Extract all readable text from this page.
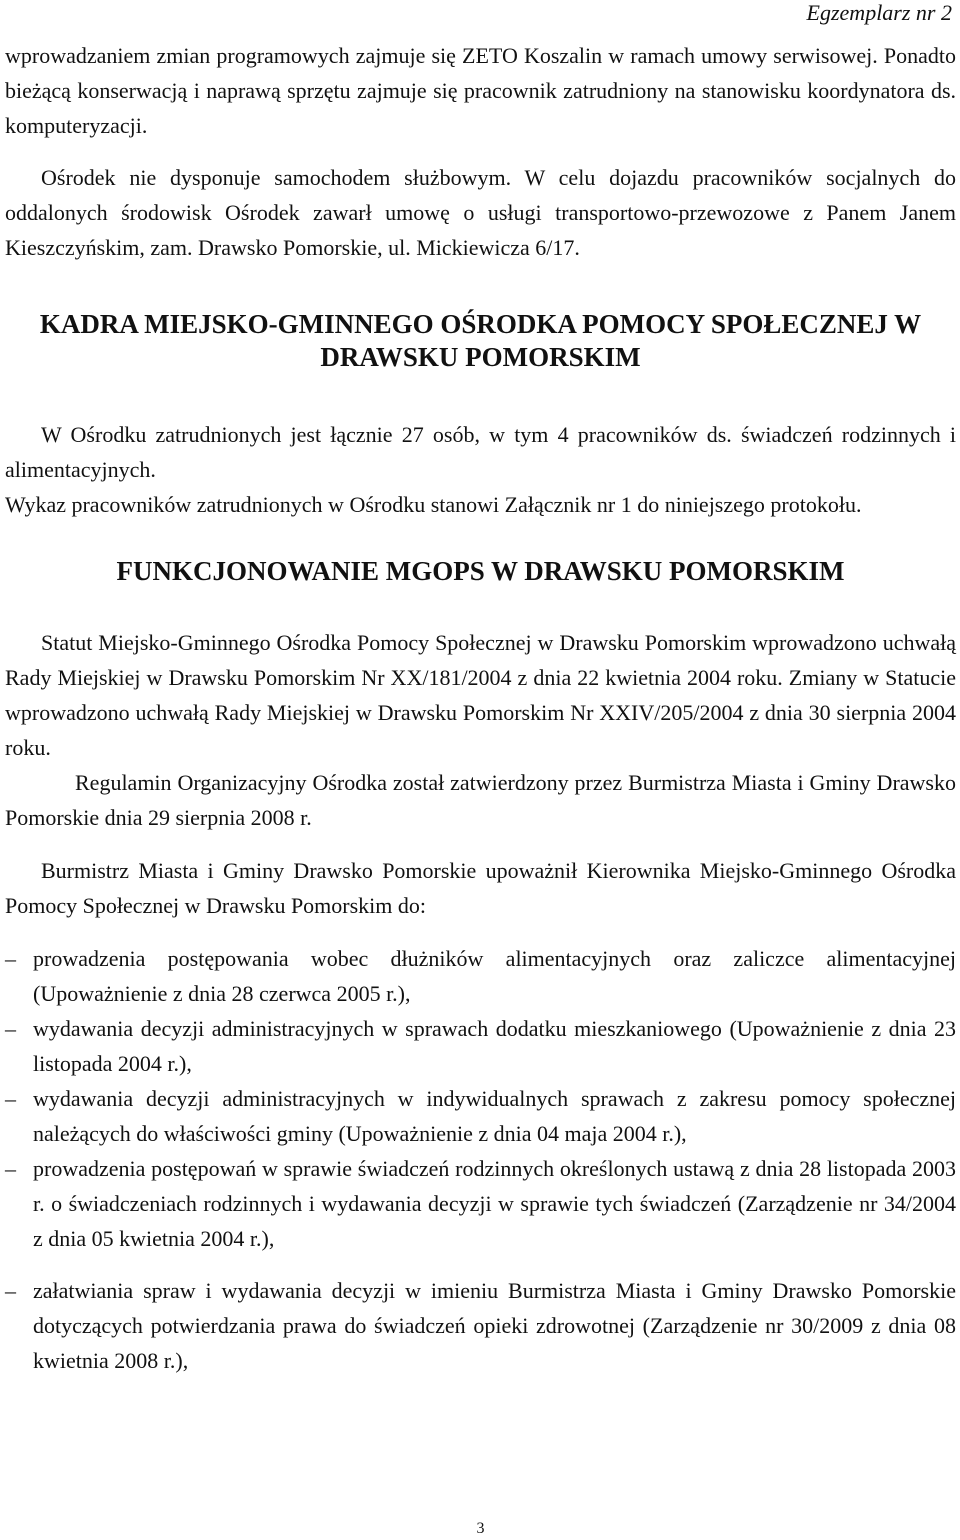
Egzemplarz nr 2

wprowadzaniem zmian programowych zajmuje się ZETO Koszalin w ramach umowy serwisowej. Ponadto bieżącą konserwacją i naprawą sprzętu zajmuje się pracownik zatrudniony na stanowisku koordynatora ds. komputeryzacji.

Ośrodek nie dysponuje samochodem służbowym. W celu dojazdu pracowników socjalnych do oddalonych środowisk Ośrodek zawarł umowę o usługi transportowo-przewozowe z Panem Janem Kieszczyńskim, zam. Drawsko Pomorskie, ul. Mickiewicza 6/17.

KADRA MIEJSKO-GMINNEGO OŚRODKA POMOCY SPOŁECZNEJ W DRAWSKU POMORSKIM

W Ośrodku zatrudnionych jest łącznie 27 osób, w tym 4 pracowników ds. świadczeń rodzinnych i alimentacyjnych.

Wykaz pracowników zatrudnionych w Ośrodku stanowi Załącznik nr 1 do niniejszego protokołu.

FUNKCJONOWANIE MGOPS W DRAWSKU POMORSKIM

Statut Miejsko-Gminnego Ośrodka Pomocy Społecznej w Drawsku Pomorskim wprowadzono uchwałą Rady Miejskiej w Drawsku Pomorskim Nr XX/181/2004 z dnia 22 kwietnia 2004 roku. Zmiany w Statucie wprowadzono uchwałą Rady Miejskiej w Drawsku Pomorskim Nr XXIV/205/2004 z dnia 30 sierpnia 2004 roku.

Regulamin Organizacyjny Ośrodka został zatwierdzony przez Burmistrza Miasta i Gminy Drawsko Pomorskie dnia 29 sierpnia 2008 r.

Burmistrz Miasta i Gminy Drawsko Pomorskie upoważnił Kierownika Miejsko-Gminnego Ośrodka Pomocy Społecznej w Drawsku Pomorskim do:

– prowadzenia postępowania wobec dłużników alimentacyjnych oraz zaliczce alimentacyjnej (Upoważnienie z dnia 28 czerwca 2005 r.),
– wydawania decyzji administracyjnych w sprawach dodatku mieszkaniowego (Upoważnienie z dnia 23 listopada 2004 r.),
– wydawania decyzji administracyjnych w indywidualnych sprawach z zakresu pomocy społecznej należących do właściwości gminy (Upoważnienie z dnia 04 maja 2004 r.),
– prowadzenia postępowań w sprawie świadczeń rodzinnych określonych ustawą z dnia 28 listopada 2003 r. o świadczeniach rodzinnych i wydawania decyzji w sprawie tych świadczeń (Zarządzenie nr 34/2004 z dnia 05 kwietnia 2004 r.),
– załatwiania spraw i wydawania decyzji w imieniu Burmistrza Miasta i Gminy Drawsko Pomorskie dotyczących potwierdzania prawa do świadczeń opieki zdrowotnej (Zarządzenie nr 30/2009 z dnia 08 kwietnia 2008 r.),
3
